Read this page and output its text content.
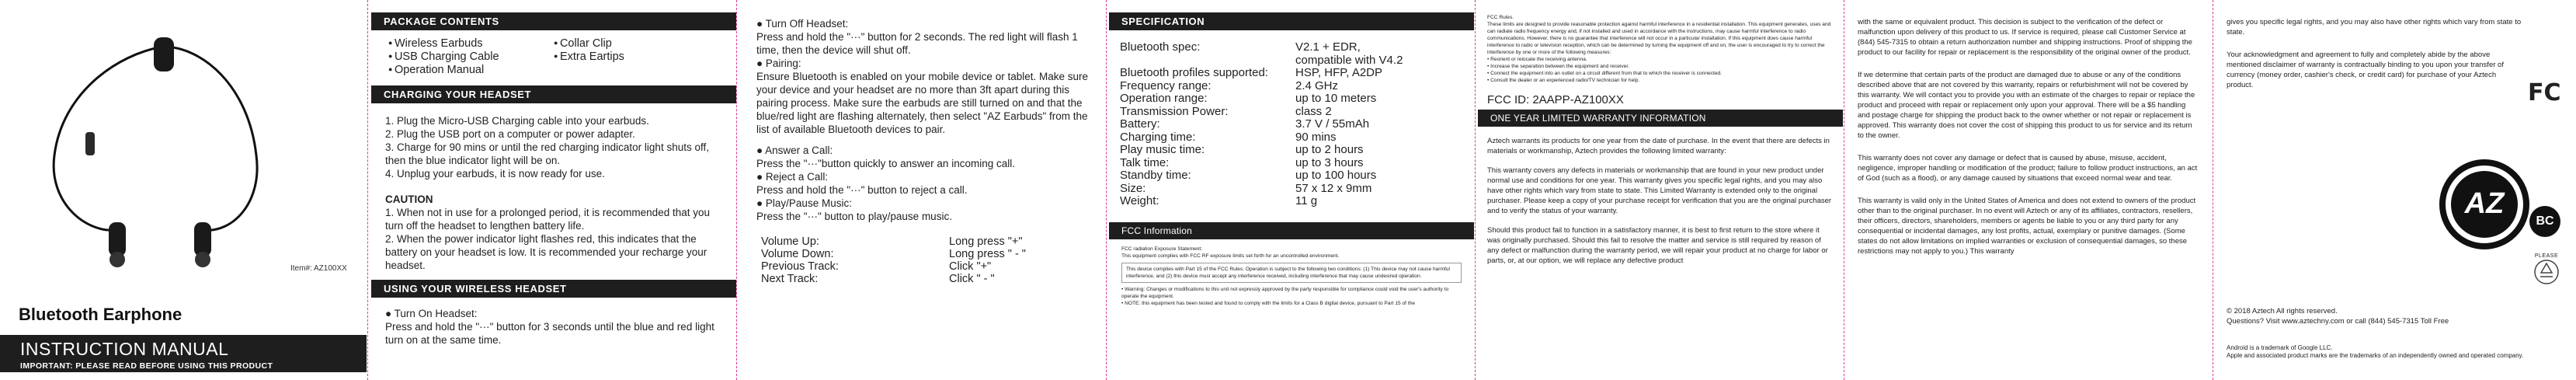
Item#: AZ100XX
Bluetooth Earphone
INSTRUCTION MANUAL
IMPORTANT: PLEASE READ BEFORE USING THIS PRODUCT
PACKAGE CONTENTS
● Wireless Earbuds	● Collar Clip
● USB Charging Cable	● Extra Eartips
● Operation Manual
CHARGING YOUR HEADSET
1. Plug the Micro-USB Charging cable into your earbuds.
2. Plug the USB port on a computer or power adapter.
3. Charge for 90 mins or until the red charging indicator light shuts off, then the blue indicator light will be on.
4. Unplug your earbuds, it is now ready for use.
CAUTION
1. When not in use for a prolonged period, it is recommended that you turn off the headset to lengthen battery life.
2. When the power indicator light flashes red, this indicates that the battery on your headset is low. It is recommended your recharge your headset.
USING YOUR WIRELESS HEADSET
● Turn On Headset:
Press and hold the "···" button for 3 seconds until the blue and red light turn on at the same time.
● Turn Off Headset:
Press and hold the "···" button for 2 seconds. The red light will flash 1 time, then the device will shut off.
● Pairing:
Ensure Bluetooth is enabled on your mobile device or tablet. Make sure your device and your headset are no more than 3ft apart during this pairing process. Make sure the earbuds are still turned on and that the blue/red light are flashing alternately, then select "AZ Earbuds" from the list of available Bluetooth devices to pair.
● Answer a Call:
Press the "···"button quickly to answer an incoming call.
● Reject a Call:
Press and hold the "···" button to reject a call.
● Play/Pause Music:
Press the "···" button to play/pause music.
Volume Up:	Long press "+"
Volume Down:	Long press " - "
Previous Track:	Click "+"
Next Track:	Click " - "
SPECIFICATION
Bluetooth spec:	V2.1 + EDR,
compatible with V4.2
Bluetooth profiles supported:	HSP, HFP, A2DP
Frequency range:	2.4 GHz
Operation range:	up to 10 meters
Transmission Power:	class 2
Battery:	3.7 V / 55mAh
Charging time:	90 mins
Play music time:	up to 2 hours
Talk time:	up to 3 hours
Standby time:	up to 100 hours
Size:	57 x 12 x 9mm
Weight:	11 g
FCC Information
FCC radiation Exposure Statement:
This equipment complies with FCC RF exposure limits set forth for an uncontrolled environment.
This device complies with Part 15 of the FCC Rules. Operation is subject to the following two conditions: (1) This device may not cause harmful interference, and (2) this device must accept any interference received, including interference that may cause undesired operation.
• Warning: Changes or modifications to this unit not expressly approved by the party responsible for compliance could void the user's authority to operate the equipment.
• NOTE: this equipment has been tested and found to comply with the limits for a Class B digital device, pursuant to Part 15 of the
FCC Rules.
These limits are designed to provide reasonable protection against harmful interference in a residential installation. This equipment generates, uses and can radiate radio frequency energy and, if not installed and used in accordance with the instructions, may cause harmful interference to radio communications. However, there is no guarantee that interference will not occur in a particular installation. If this equipment does cause harmful interference to radio or television reception, which can be determined by turning the equipment off and on, the user is encouraged to try to correct the interference by one or more of the following measures:
• Reorient or relocate the receiving antenna.
• Increase the separation between the equipment and receiver.
• Connect the equipment into an outlet on a circuit different from that to which the receiver is connected.
• Consult the dealer or an experienced radio/TV technician for help.
FCC ID: 2AAPP-AZ100XX
ONE YEAR LIMITED WARRANTY INFORMATION
Aztech warrants its products for one year from the date of purchase. In the event that there are defects in materials or workmanship, Aztech provides the following limited warranty:
This warranty covers any defects in materials or workmanship that are found in your new product under normal use and conditions for one year. This warranty gives you specific legal rights, and you may also have other rights which vary from state to state. This Limited Warranty is extended only to the original purchaser. Please keep a copy of your purchase receipt for verification that you are the original purchaser and to verify the status of your warranty.
Should this product fail to function in a satisfactory manner, it is best to first return to the store where it was originally purchased. Should this fail to resolve the matter and service is still required by reason of any defect or malfunction during the warranty period, we will repair your product at no charge for labor or parts, or, at our option, we will replace any defective product
with the same or equivalent product. This decision is subject to the verification of the defect or malfunction upon delivery of this product to us. If service is required, please call Customer Service at (844) 545-7315 to obtain a return authorization number and shipping instructions. Proof of shipping the product to our facility for repair or replacement is the responsibility of the original owner of the product.
If we determine that certain parts of the product are damaged due to abuse or any of the conditions described above that are not covered by this warranty, repairs or refurbishment will not be covered by this warranty. We will contact you to provide you with an estimate of the charges to repair or replace the product and proceed with repair or replacement only upon your approval. There will be a $5 handling and postage charge for shipping the product back to the owner whether or not repair or replacement is approved. This warranty does not cover the cost of shipping this product to us for service and its return to the owner.
This warranty does not cover any damage or defect that is caused by abuse, misuse, accident, negligence, improper handling or modification of the product; failure to follow product instructions, an act of God (such as a flood), or any damage caused by situations that exceed normal wear and tear.
This warranty is valid only in the United States of America and does not extend to owners of the product other than to the original purchaser. In no event will Aztech or any of its affiliates, contractors, resellers, their officers, directors, shareholders, members or agents be liable to you or any third party for any consequential or incidental damages, any lost profits, actual, exemplary or punitive damages. (Some states do not allow limitations on implied warranties or exclusion of consequential damages, so these restrictions may not apply to you.) This warranty
gives you specific legal rights, and you may also have other rights which vary from state to state.
Your acknowledgment and agreement to fully and completely abide by the above mentioned disclaimer of warranty is contractually binding to you upon your transfer of currency (money order, cashier's check, or credit card) for purchase of your Aztech product.	FC
AZ
BC
PLEASE
© 2018 Aztech All rights reserved.
Questions? Visit www.aztechny.com or call (844) 545-7315 Toll Free
Android is a trademark of Google LLC.
Apple and associated product marks are the trademarks of an independently owned and operated company.
